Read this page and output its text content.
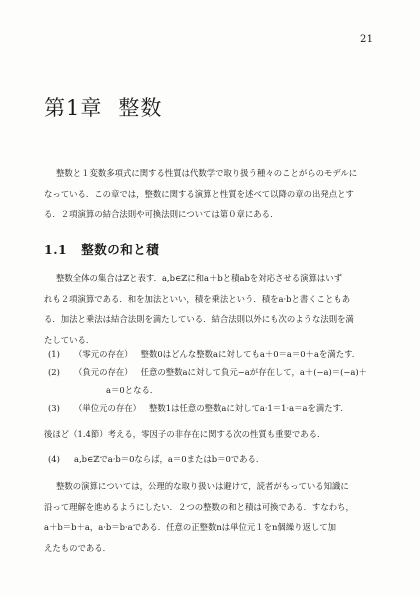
21
第1章 整数
整数と１変数多項式に関する性質は代数学で取り扱う種々のことがらのモデルに
なっている．この章では，整数に関する演算と性質を述べて以降の章の出発点とす
る．２項演算の結合法則や可換法則については第０章にある．
1.1 整数の和と積
整数全体の集合はℤと表す．a,b∈ℤに和a＋bと積abを対応させる演算はいず
れも２項演算である．和を加法といい，積を乗法という．積をa·bと書くこともあ
る．加法と乗法は結合法則を満たしている．結合法則以外にも次のような法則を満
たしている．
(1) （零元の存在） 整数0はどんな整数aに対してもa＋0＝a＝0＋aを満たす．
(2) （負元の存在） 任意の整数aに対して負元−aが存在して，a＋(−a)＝(−a)＋
a＝0となる．
(3) （単位元の存在） 整数1は任意の整数aに対してa·1＝1·a＝aを満たす．
後ほど（1.4節）考える，零因子の非存在に関する次の性質も重要である．
(4) a,b∈ℤでa·b＝0ならば，a＝0またはb＝0である．
整数の演算については，公理的な取り扱いは避けて，読者がもっている知識に
沿って理解を進めるようにしたい．２つの整数の和と積は可換である．すなわち，
a＋b＝b＋a，a·b＝b·aである．任意の正整数nは単位元１をn個繰り返して加
えたものである．
